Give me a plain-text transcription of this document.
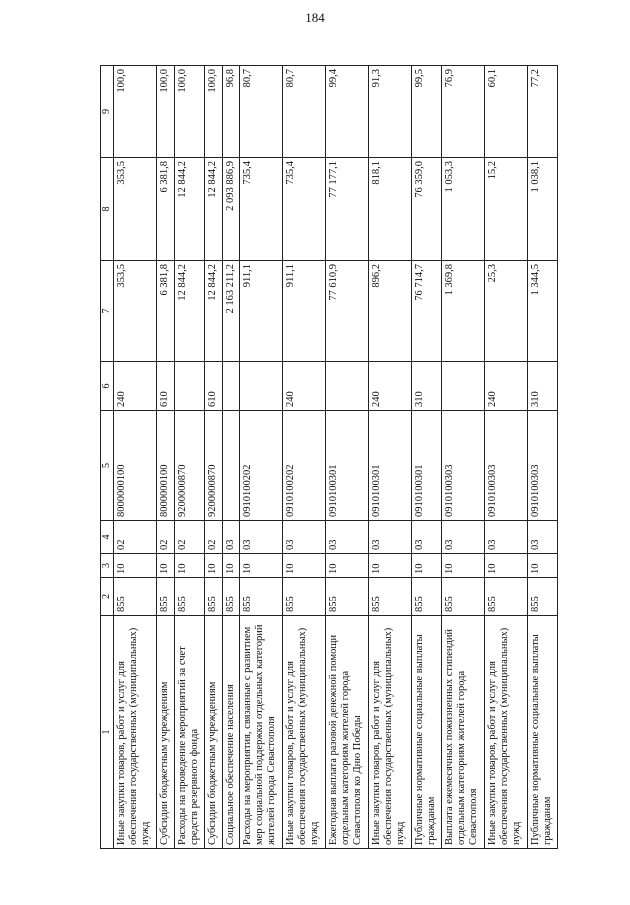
184
1	2	3	4	5	6	7	8	9
Иные закупки товаров, работ и услуг для обеспечения государственных (муниципальных) нужд	855	10	02	8000000100	240	353,5	353,5	100,0
Субсидии бюджетным учреждениям	855	10	02	8000000100	610	6 381,8	6 381,8	100,0
Расходы на проведение мероприятий за счет средств резервного фонда	855	10	02	9200000870		12 844,2	12 844,2	100,0
Субсидии бюджетным учреждениям	855	10	02	9200000870	610	12 844,2	12 844,2	100,0
Социальное обеспечение населения	855	10	03			2 163 211,2	2 093 886,9	96,8
Расходы на мероприятия, связанные с развитием мер социальной поддержки отдельных категорий жителей города Севастополя	855	10	03	0910100202		911,1	735,4	80,7
Иные закупки товаров, работ и услуг для обеспечения государственных (муниципальных) нужд	855	10	03	0910100202	240	911,1	735,4	80,7
Ежегодная выплата разовой денежной помощи отдельным категориям жителей города Севастополя ко Дню Победы	855	10	03	0910100301		77 610,9	77 177,1	99,4
Иные закупки товаров, работ и услуг для обеспечения государственных (муниципальных) нужд	855	10	03	0910100301	240	896,2	818,1	91,3
Публичные нормативные социальные выплаты гражданам	855	10	03	0910100301	310	76 714,7	76 359,0	99,5
Выплата ежемесячных пожизненных стипендий отдельным категориям жителей города Севастополя	855	10	03	0910100303		1 369,8	1 053,3	76,9
Иные закупки товаров, работ и услуг для обеспечения государственных (муниципальных) нужд	855	10	03	0910100303	240	25,3	15,2	60,1
Публичные нормативные социальные выплаты гражданам	855	10	03	0910100303	310	1 344,5	1 038,1	77,2
